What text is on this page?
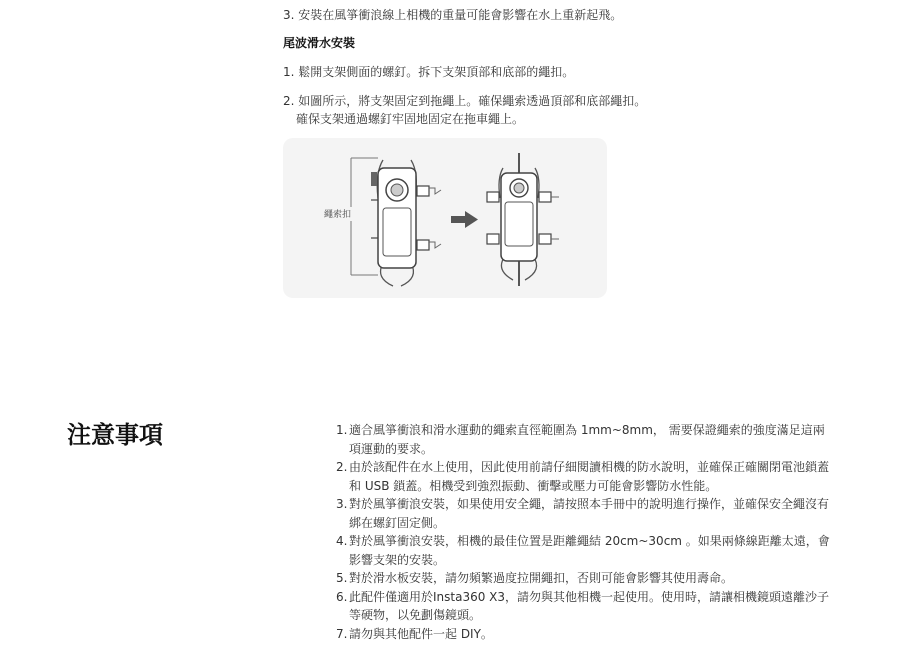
3. 安裝在風箏衝浪線上相機的重量可能會影響在水上重新起飛。
尾波滑水安裝
1. 鬆開支架側面的螺釘。拆下支架頂部和底部的繩扣。
2. 如圖所示，將支架固定到拖繩上。確保繩索透過頂部和底部繩扣。
確保支架通過螺釘牢固地固定在拖車繩上。
繩索扣
注意事項	1. 適合風箏衝浪和滑水運動的繩索直徑範圍為 1mm~8mm， 需要保證繩索的強度滿足這兩項運動的要求。
2. 由於該配件在水上使用，因此使用前請仔細閱讀相機的防水說明，並確保正確關閉電池鎖蓋和 USB 鎖蓋。相機受到強烈振動、衝擊或壓力可能會影響防水性能。
3. 對於風箏衝浪安裝，如果使用安全繩，請按照本手冊中的說明進行操作，並確保安全繩沒有綁在螺釘固定側。
4. 對於風箏衝浪安裝，相機的最佳位置是距離繩結 20cm~30cm 。如果兩條線距離太遠，會影響支架的安裝。
5. 對於滑水板安裝，請勿頻繁過度拉開繩扣，否則可能會影響其使用壽命。
6. 此配件僅適用於Insta360 X3，請勿與其他相機一起使用。使用時，請讓相機鏡頭遠離沙子等硬物，以免劃傷鏡頭。
7. 請勿與其他配件一起 DIY。
